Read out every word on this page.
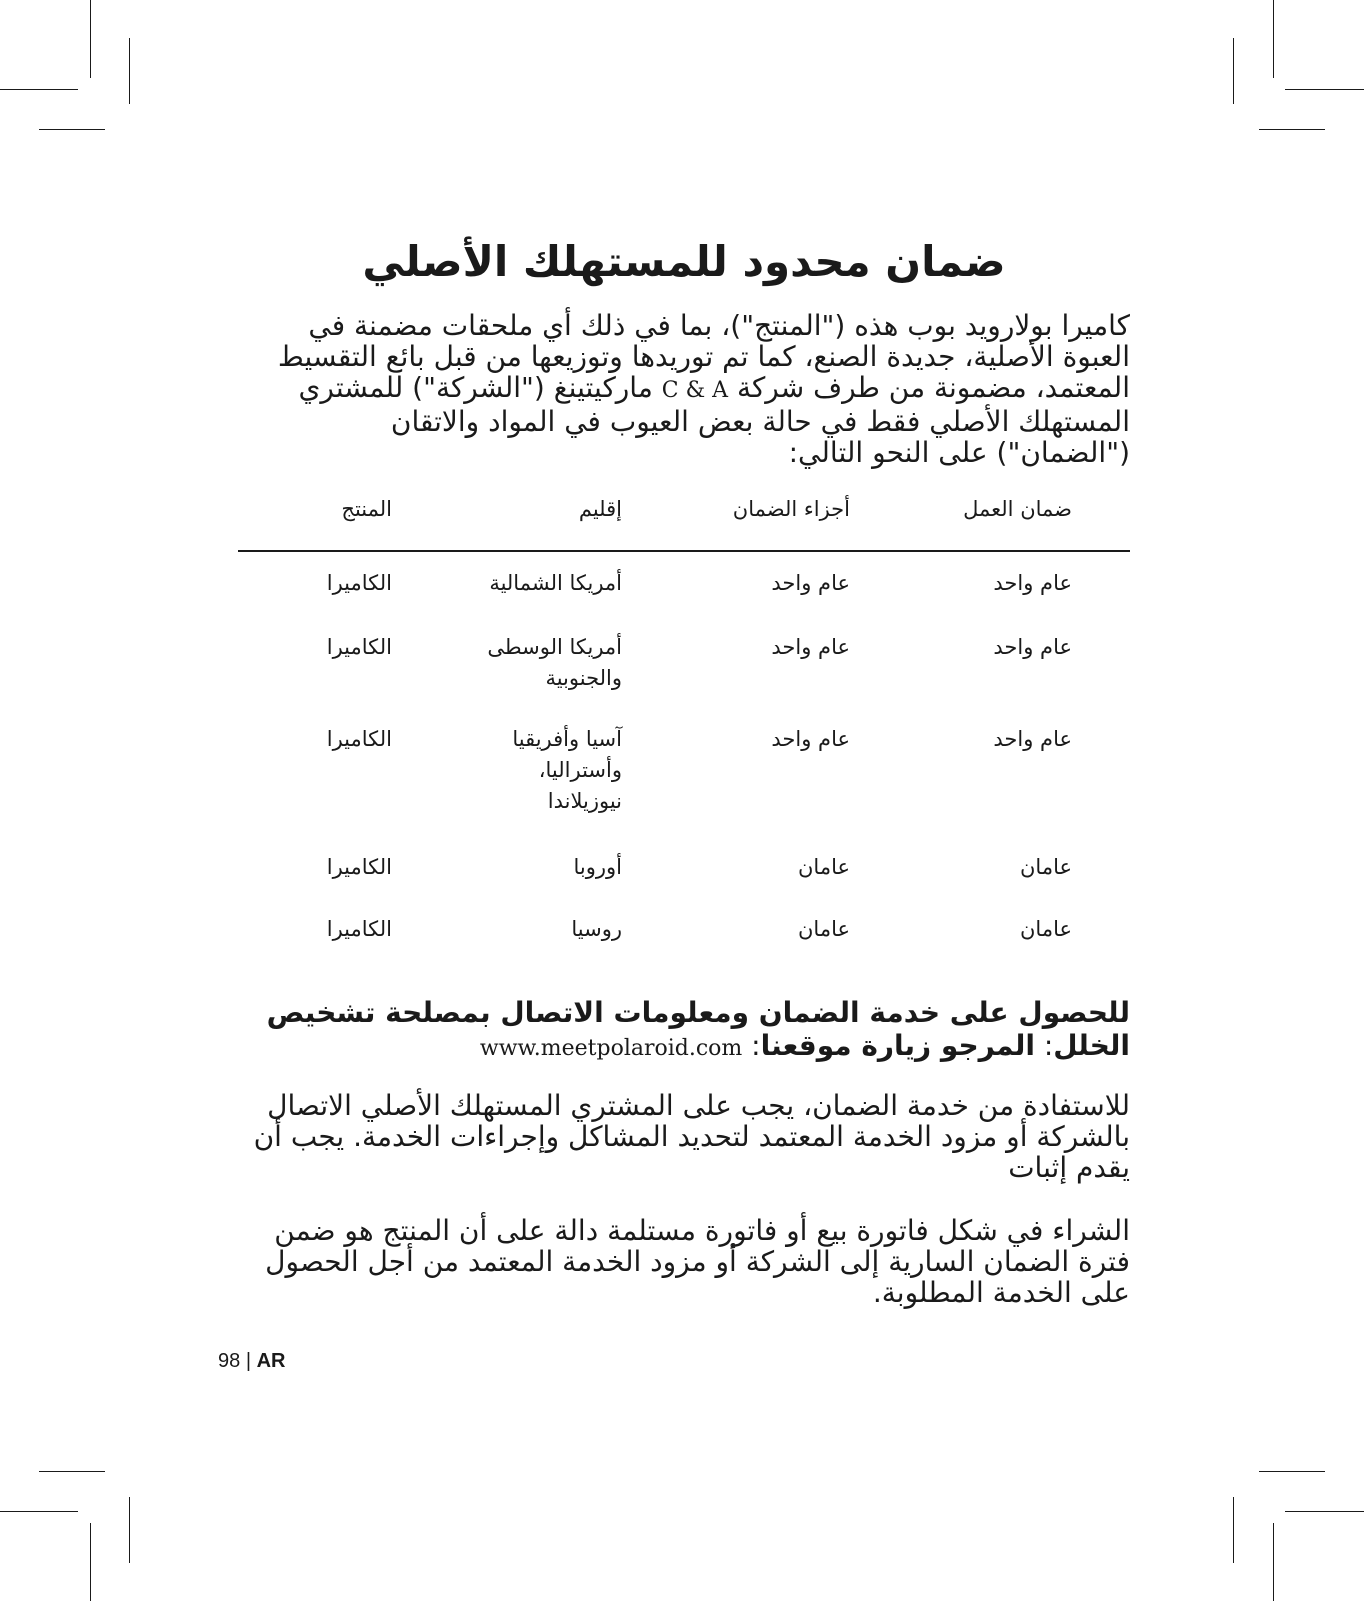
ضمان محدود للمستهلك الأصلي

كاميرا بولارويد بوب هذه ("المنتج")، بما في ذلك أي ملحقات مضمنة في العبوة الأصلية، جديدة الصنع، كما تم توريدها وتوزيعها من قبل بائع التقسيط المعتمد، مضمونة من طرف شركة C & A ماركيتينغ ("الشركة") للمشتري المستهلك الأصلي فقط في حالة بعض العيوب في المواد والاتقان ("الضمان") على النحو التالي:

ضمان العمل
أجزاء الضمان
إقليم
المنتج
عام واحد
عام واحد
أمريكا الشمالية
الكاميرا
عام واحد
عام واحد
أمريكا الوسطى والجنوبية
الكاميرا
عام واحد
عام واحد
آسيا وأفريقيا وأستراليا، نيوزيلاندا
الكاميرا
عامان
عامان
أوروبا
الكاميرا
عامان
عامان
روسيا
الكاميرا

للحصول على خدمة الضمان ومعلومات الاتصال بمصلحة تشخيص الخلل: المرجو زيارة موقعنا: www.meetpolaroid.com

للاستفادة من خدمة الضمان، يجب على المشتري المستهلك الأصلي الاتصال بالشركة أو مزود الخدمة المعتمد لتحديد المشاكل وإجراءات الخدمة. يجب أن يقدم إثبات

الشراء في شكل فاتورة بيع أو فاتورة مستلمة دالة على أن المنتج هو ضمن فترة الضمان السارية إلى الشركة أو مزود الخدمة المعتمد من أجل الحصول على الخدمة المطلوبة.

98 | AR
